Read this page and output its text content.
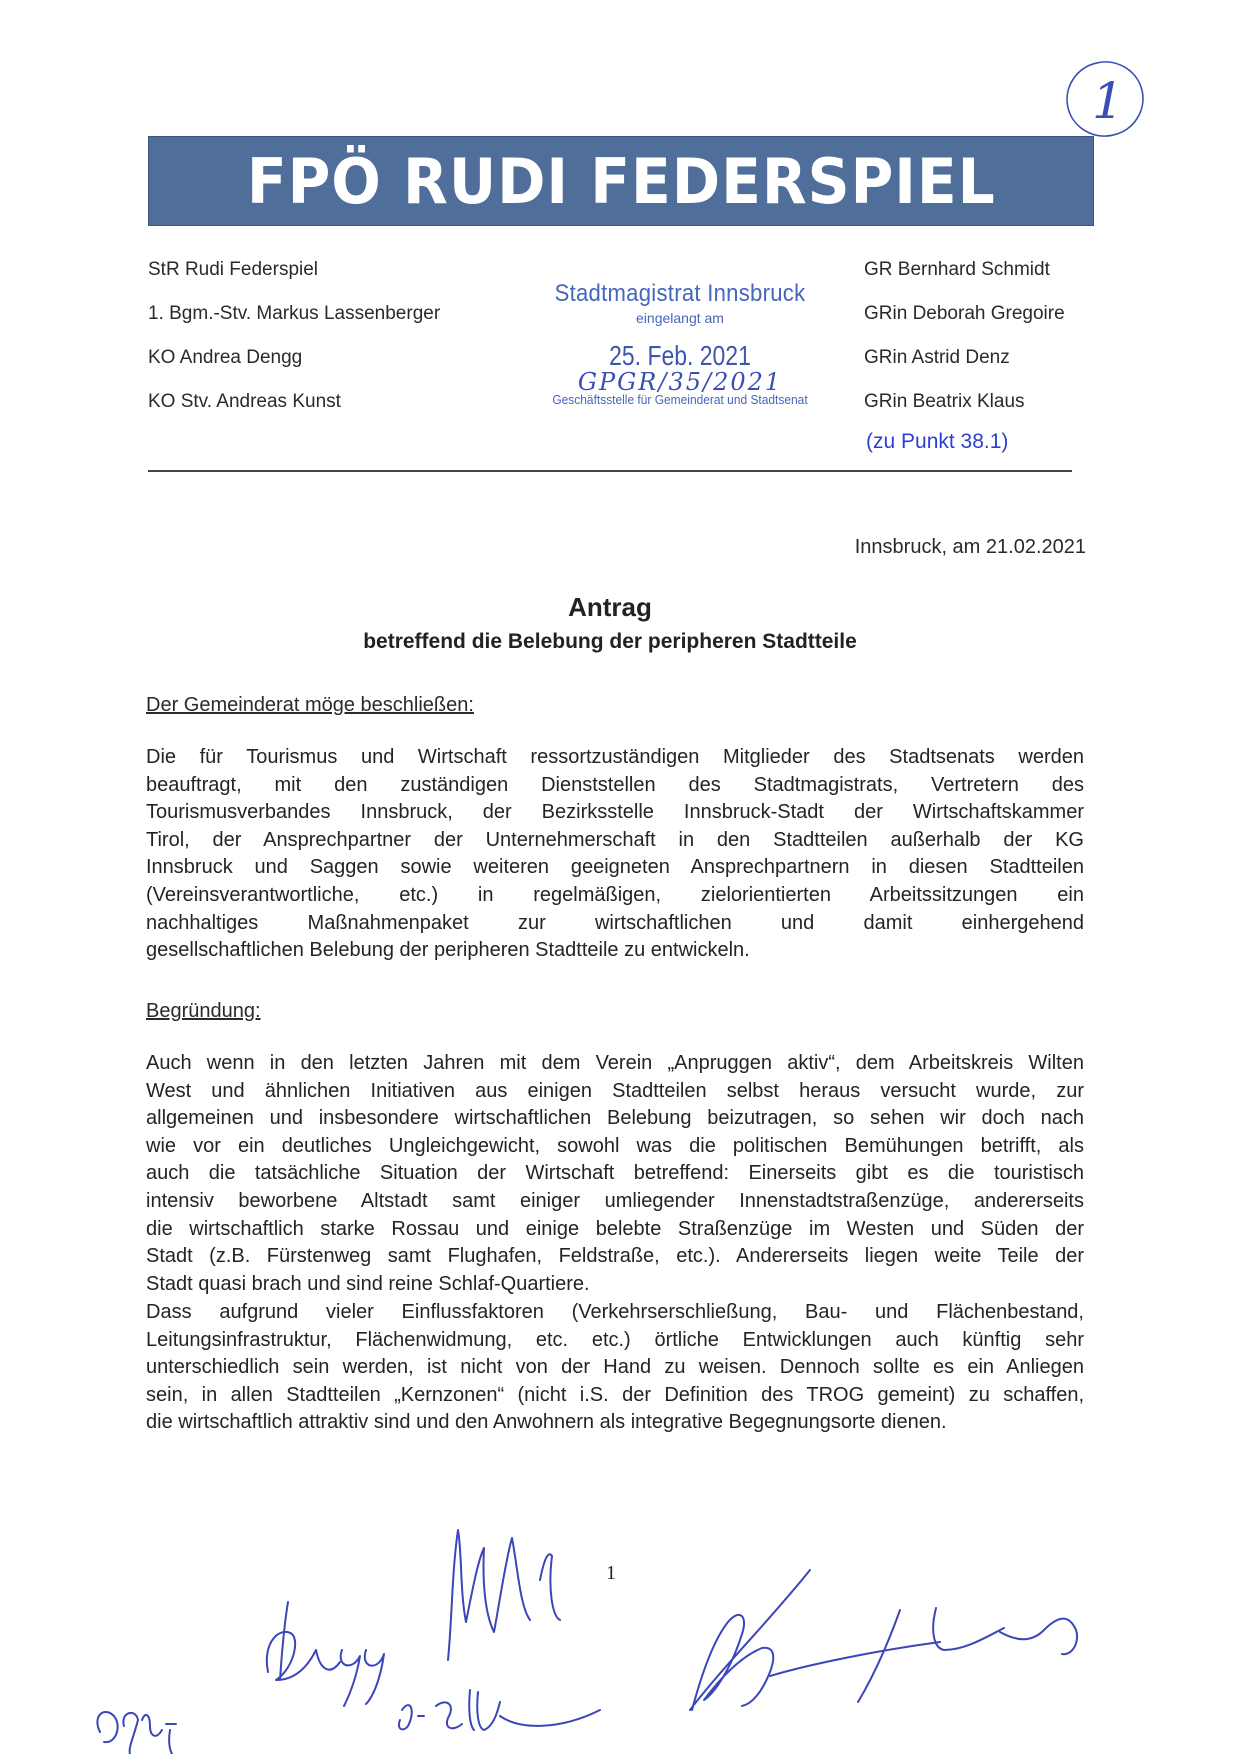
FPÖ RUDI FEDERSPIEL
1
StR Rudi Federspiel
1. Bgm.-Stv. Markus Lassenberger
KO Andrea Dengg
KO Stv. Andreas Kunst
GR Bernhard Schmidt
GRin Deborah Gregoire
GRin Astrid Denz
GRin Beatrix Klaus
(zu Punkt 38.1)
Stadtmagistrat Innsbruck
eingelangt am
25. Feb. 2021
GPGR/35/2021
Geschäftsstelle für Gemeinderat und Stadtsenat
Innsbruck, am 21.02.2021
Antrag
betreffend die Belebung der peripheren Stadtteile
Der Gemeinderat möge beschließen:
Die für Tourismus und Wirtschaft ressortzuständigen Mitglieder des Stadtsenats werden
beauftragt, mit den zuständigen Dienststellen des Stadtmagistrats, Vertretern des
Tourismusverbandes Innsbruck, der Bezirksstelle Innsbruck-Stadt der Wirtschaftskammer
Tirol, der Ansprechpartner der Unternehmerschaft in den Stadtteilen außerhalb der KG
Innsbruck und Saggen sowie weiteren geeigneten Ansprechpartnern in diesen Stadtteilen
(Vereinsverantwortliche, etc.) in regelmäßigen, zielorientierten Arbeitssitzungen ein
nachhaltiges Maßnahmenpaket zur wirtschaftlichen und damit einhergehend
gesellschaftlichen Belebung der peripheren Stadtteile zu entwickeln.
Begründung:
Auch wenn in den letzten Jahren mit dem Verein „Anpruggen aktiv“, dem Arbeitskreis Wilten
West und ähnlichen Initiativen aus einigen Stadtteilen selbst heraus versucht wurde, zur
allgemeinen und insbesondere wirtschaftlichen Belebung beizutragen, so sehen wir doch nach
wie vor ein deutliches Ungleichgewicht, sowohl was die politischen Bemühungen betrifft, als
auch die tatsächliche Situation der Wirtschaft betreffend: Einerseits gibt es die touristisch
intensiv beworbene Altstadt samt einiger umliegender Innenstadtstraßenzüge, andererseits
die wirtschaftlich starke Rossau und einige belebte Straßenzüge im Westen und Süden der
Stadt (z.B. Fürstenweg samt Flughafen, Feldstraße, etc.). Andererseits liegen weite Teile der
Stadt quasi brach und sind reine Schlaf-Quartiere.
Dass aufgrund vieler Einflussfaktoren (Verkehrserschließung, Bau- und Flächenbestand,
Leitungsinfrastruktur, Flächenwidmung, etc. etc.) örtliche Entwicklungen auch künftig sehr
unterschiedlich sein werden, ist nicht von der Hand zu weisen. Dennoch sollte es ein Anliegen
sein, in allen Stadtteilen „Kernzonen“ (nicht i.S. der Definition des TROG gemeint) zu schaffen,
die wirtschaftlich attraktiv sind und den Anwohnern als integrative Begegnungsorte dienen.
1
